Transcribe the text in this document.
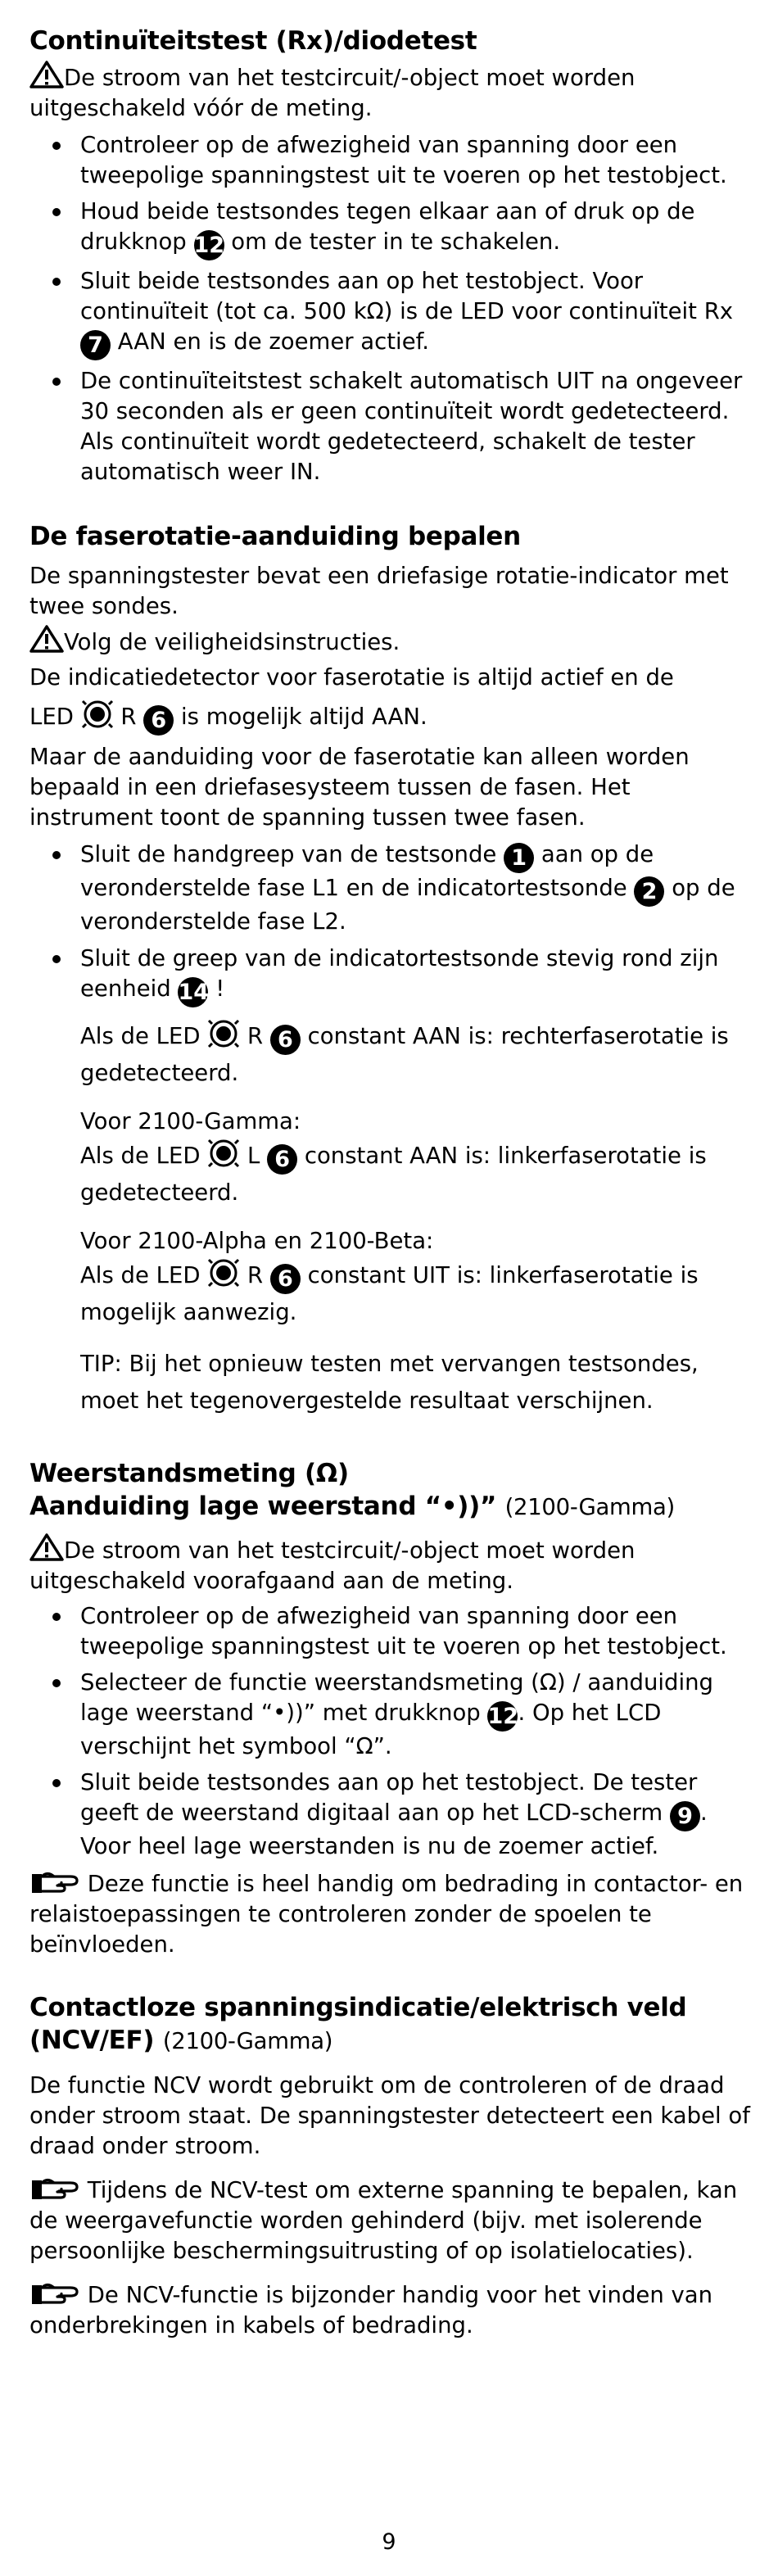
Continuïteitstest (Rx)/diodetest

De stroom van het testcircuit/-object moet worden uitgeschakeld vóór de meting.

Controleer op de afwezigheid van spanning door een tweepolige spanningstest uit te voeren op het testobject.
Houd beide testsondes tegen elkaar aan of druk op de drukknop 12 om de tester in te schakelen.
Sluit beide testsondes aan op het testobject. Voor continuïteit (tot ca. 500 kΩ) is de LED voor continuïteit Rx 7 AAN en is de zoemer actief.
De continuïteitstest schakelt automatisch UIT na ongeveer 30 seconden als er geen continuïteit wordt gedetecteerd. Als continuïteit wordt gedetecteerd, schakelt de tester automatisch weer IN.
De faserotatie-aanduiding bepalen

De spanningstester bevat een driefasige rotatie-indicator met twee sondes.

Volg de veiligheidsinstructies.

De indicatiedetector voor faserotatie is altijd actief en de

LED R 6 is mogelijk altijd AAN.

Maar de aanduiding voor de faserotatie kan alleen worden bepaald in een driefasesysteem tussen de fasen. Het instrument toont de spanning tussen twee fasen.

Sluit de handgreep van de testsonde 1 aan op de veronderstelde fase L1 en de indicatortestsonde 2 op de veronderstelde fase L2.
Sluit de greep van de indicatortestsonde stevig rond zijn eenheid 14 !

Als de LED R 6 constant AAN is: rechterfaserotatie is gedetecteerd.

Voor 2100-Gamma:

Als de LED L 6 constant AAN is: linkerfaserotatie is gedetecteerd.

Voor 2100-Alpha en 2100-Beta:

Als de LED R 6 constant UIT is: linkerfaserotatie is mogelijk aanwezig.

TIP: Bij het opnieuw testen met vervangen testsondes, moet het tegenovergestelde resultaat verschijnen.

Weerstandsmeting (Ω)
Aanduiding lage weerstand “•))” (2100-Gamma)

De stroom van het testcircuit/-object moet worden uitgeschakeld voorafgaand aan de meting.

Controleer op de afwezigheid van spanning door een tweepolige spanningstest uit te voeren op het testobject.
Selecteer de functie weerstandsmeting (Ω) / aanduiding lage weerstand “•))” met drukknop 12. Op het LCD verschijnt het symbool “Ω”.
Sluit beide testsondes aan op het testobject. De tester geeft de weerstand digitaal aan op het LCD-scherm 9 . Voor heel lage weerstanden is nu de zoemer actief.

Deze functie is heel handig om bedrading in contactor- en relaistoepassingen te controleren zonder de spoelen te beïnvloeden.

Contactloze spanningsindicatie/elektrisch veld
(NCV/EF) (2100-Gamma)

De functie NCV wordt gebruikt om de controleren of de draad onder stroom staat. De spanningstester detecteert een kabel of draad onder stroom.

Tijdens de NCV-test om externe spanning te bepalen, kan de weergavefunctie worden gehinderd (bijv. met isolerende persoonlijke beschermingsuitrusting of op isolatielocaties).

De NCV-functie is bijzonder handig voor het vinden van onderbrekingen in kabels of bedrading.

9
